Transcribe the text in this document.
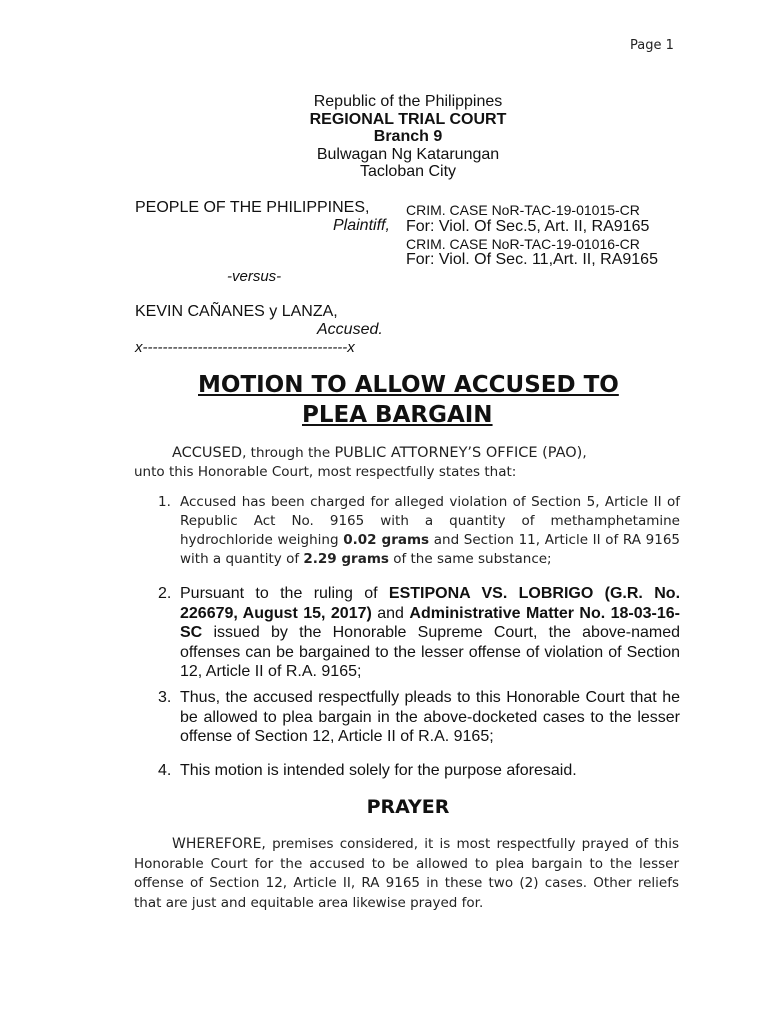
Page 1
Republic of the Philippines
REGIONAL TRIAL COURT
Branch 9
Bulwagan Ng Katarungan
Tacloban City
PEOPLE OF THE PHILIPPINES,
Plaintiff,
CRIM. CASE NoR-TAC-19-01015-CR
For: Viol. Of Sec.5, Art. II, RA9165
CRIM. CASE NoR-TAC-19-01016-CR
For: Viol. Of Sec. 11,Art. II, RA9165
-versus-
KEVIN CAÑANES y LANZA,
Accused.
x-----------------------------------------x
MOTION TO ALLOW ACCUSED TO
PLEA BARGAIN
ACCUSED, through the PUBLIC ATTORNEY’S OFFICE (PAO),
unto this Honorable Court, most respectfully states that:
1. Accused has been charged for alleged violation of Section 5, Article II of Republic Act No. 9165 with a quantity of methamphetamine hydrochloride weighing 0.02 grams and Section 11, Article II of RA 9165 with a quantity of 2.29 grams of the same substance;
2. Pursuant to the ruling of ESTIPONA VS. LOBRIGO (G.R. No. 226679, August 15, 2017) and Administrative Matter No. 18-03-16-SC issued by the Honorable Supreme Court, the above-named offenses can be bargained to the lesser offense of violation of Section 12, Article II of R.A. 9165;
3. Thus, the accused respectfully pleads to this Honorable Court that he be allowed to plea bargain in the above-docketed cases to the lesser offense of Section 12, Article II of R.A. 9165;
4. This motion is intended solely for the purpose aforesaid.
PRAYER
WHEREFORE, premises considered, it is most respectfully prayed of this Honorable Court for the accused to be allowed to plea bargain to the lesser offense of Section 12, Article II, RA 9165 in these two (2) cases. Other reliefs that are just and equitable area likewise prayed for.
